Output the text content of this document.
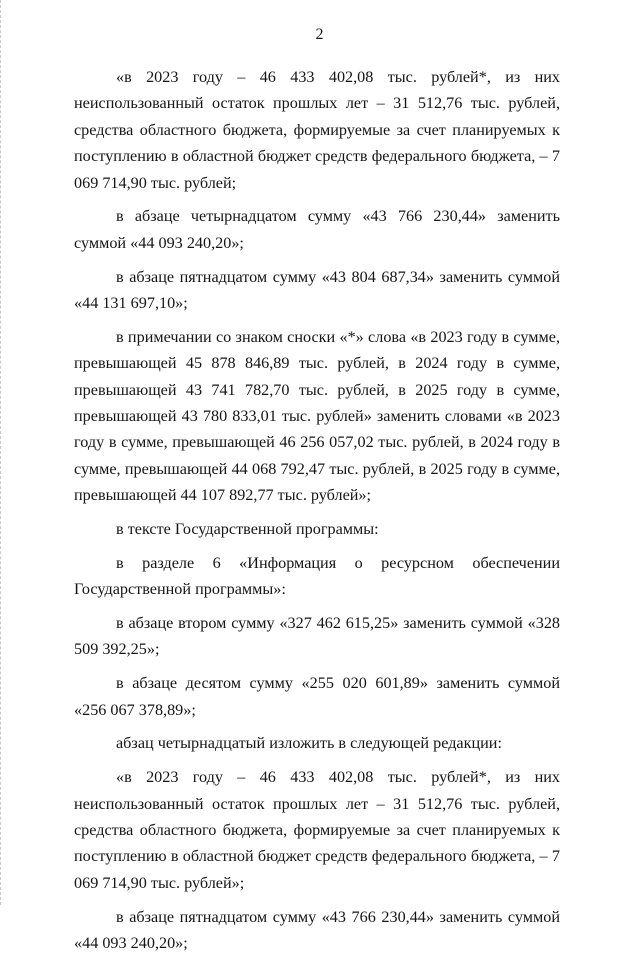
2

«в 2023 году – 46 433 402,08 тыс. рублей*, из них неиспользованный остаток прошлых лет – 31 512,76 тыс. рублей, средства областного бюджета, формируемые за счет планируемых к поступлению в областной бюджет средств федерального бюджета, – 7 069 714,90 тыс. рублей;

в абзаце четырнадцатом сумму «43 766 230,44» заменить суммой «44 093 240,20»;

в абзаце пятнадцатом сумму «43 804 687,34» заменить суммой «44 131 697,10»;

в примечании со знаком сноски «*» слова «в 2023 году в сумме, превышающей 45 878 846,89 тыс. рублей, в 2024 году в сумме, превышающей 43 741 782,70 тыс. рублей, в 2025 году в сумме, превышающей 43 780 833,01 тыс. рублей» заменить словами «в 2023 году в сумме, превышающей 46 256 057,02 тыс. рублей, в 2024 году в сумме, превышающей 44 068 792,47 тыс. рублей, в 2025 году в сумме, превышающей 44 107 892,77 тыс. рублей»;

в тексте Государственной программы:

в разделе 6 «Информация о ресурсном обеспечении Государственной программы»:

в абзаце втором сумму «327 462 615,25» заменить суммой «328 509 392,25»;

в абзаце десятом сумму «255 020 601,89» заменить суммой «256 067 378,89»;

абзац четырнадцатый изложить в следующей редакции:

«в 2023 году – 46 433 402,08 тыс. рублей*, из них неиспользованный остаток прошлых лет – 31 512,76 тыс. рублей, средства областного бюджета, формируемые за счет планируемых к поступлению в областной бюджет средств федерального бюджета, – 7 069 714,90 тыс. рублей»;

в абзаце пятнадцатом сумму «43 766 230,44» заменить суммой «44 093 240,20»;
